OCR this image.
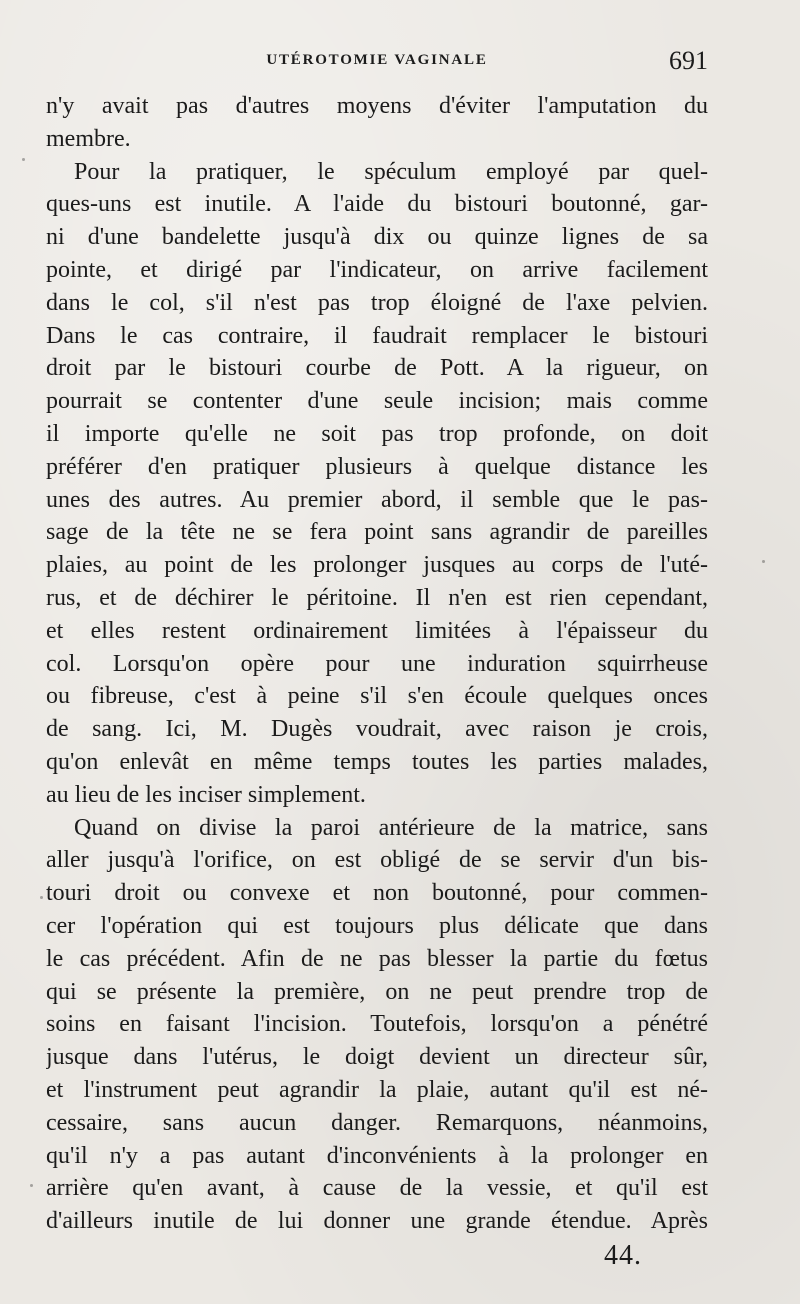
UTÉROTOMIE VAGINALE	691
n'y avait pas d'autres moyens d'éviter l'amputation du
membre.
Pour la pratiquer, le spéculum employé par quel-
ques-uns est inutile. A l'aide du bistouri boutonné, gar-
ni d'une bandelette jusqu'à dix ou quinze lignes de sa
pointe, et dirigé par l'indicateur, on arrive facilement
dans le col, s'il n'est pas trop éloigné de l'axe pelvien.
Dans le cas contraire, il faudrait remplacer le bistouri
droit par le bistouri courbe de Pott. A la rigueur, on
pourrait se contenter d'une seule incision; mais comme
il importe qu'elle ne soit pas trop profonde, on doit
préférer d'en pratiquer plusieurs à quelque distance les
unes des autres. Au premier abord, il semble que le pas-
sage de la tête ne se fera point sans agrandir de pareilles
plaies, au point de les prolonger jusques au corps de l'uté-
rus, et de déchirer le péritoine. Il n'en est rien cependant,
et elles restent ordinairement limitées à l'épaisseur du
col. Lorsqu'on opère pour une induration squirrheuse
ou fibreuse, c'est à peine s'il s'en écoule quelques onces
de sang. Ici, M. Dugès voudrait, avec raison je crois,
qu'on enlevât en même temps toutes les parties malades,
au lieu de les inciser simplement.
Quand on divise la paroi antérieure de la matrice, sans
aller jusqu'à l'orifice, on est obligé de se servir d'un bis-
touri droit ou convexe et non boutonné, pour commen-
cer l'opération qui est toujours plus délicate que dans
le cas précédent. Afin de ne pas blesser la partie du fœtus
qui se présente la première, on ne peut prendre trop de
soins en faisant l'incision. Toutefois, lorsqu'on a pénétré
jusque dans l'utérus, le doigt devient un directeur sûr,
et l'instrument peut agrandir la plaie, autant qu'il est né-
cessaire, sans aucun danger. Remarquons, néanmoins,
qu'il n'y a pas autant d'inconvénients à la prolonger en
arrière qu'en avant, à cause de la vessie, et qu'il est
d'ailleurs inutile de lui donner une grande étendue. Après
44.
